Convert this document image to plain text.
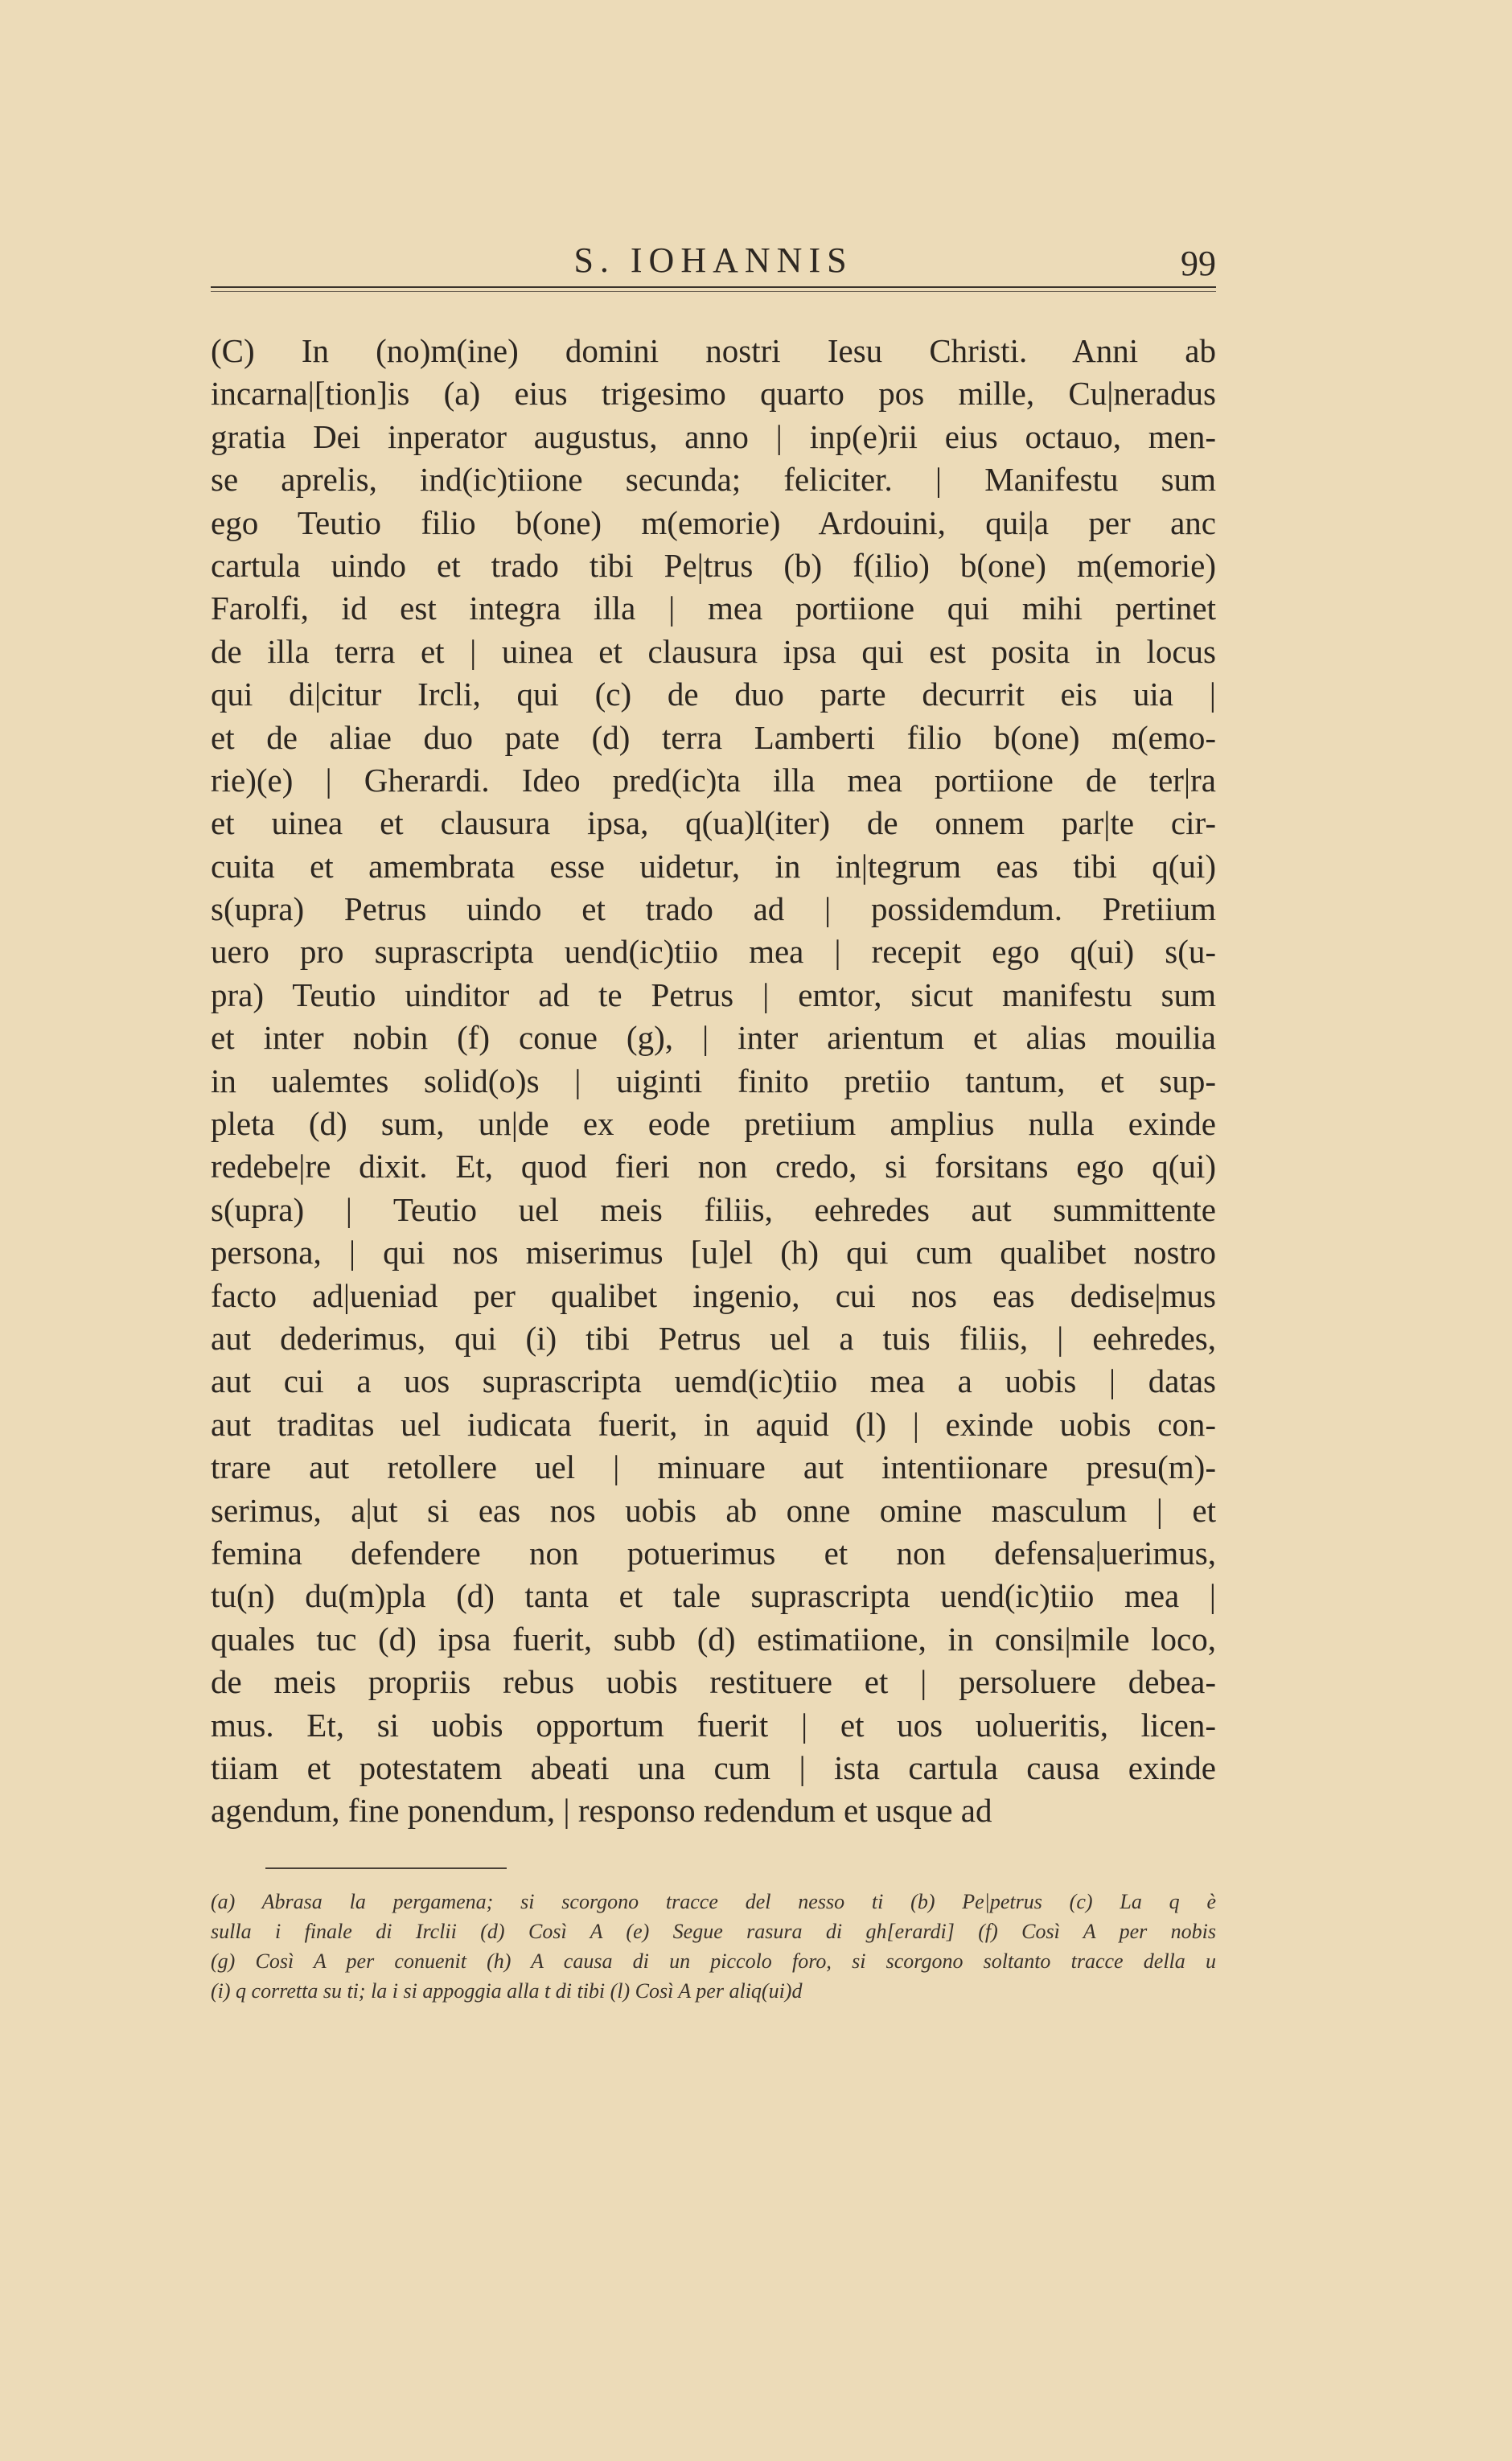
S. IOHANNIS	99
(C) In (no)m(ine) domini nostri Iesu Christi. Anni ab
incarna|[tion]is (a) eius trigesimo quarto pos mille, Cu|neradus
gratia Dei inperator augustus, anno | inp(e)rii eius octauo, men-
se aprelis, ind(ic)tiione secunda; feliciter. | Manifestu sum
ego Teutio filio b(one) m(emorie) Ardouini, qui|a per anc
cartula uindo et trado tibi Pe|trus (b) f(ilio) b(one) m(emorie)
Farolfi, id est integra illa | mea portiione qui mihi pertinet
de illa terra et | uinea et clausura ipsa qui est posita in locus
qui di|citur Ircli, qui (c) de duo parte decurrit eis uia |
et de aliae duo pate (d) terra Lamberti filio b(one) m(emo-
rie)(e) | Gherardi. Ideo pred(ic)ta illa mea portiione de ter|ra
et uinea et clausura ipsa, q(ua)l(iter) de onnem par|te cir-
cuita et amembrata esse uidetur, in in|tegrum eas tibi q(ui)
s(upra) Petrus uindo et trado ad | possidemdum. Pretiium
uero pro suprascripta uend(ic)tiio mea | recepit ego q(ui) s(u-
pra) Teutio uinditor ad te Petrus | emtor, sicut manifestu sum
et inter nobin (f) conue (g), | inter arientum et alias mouilia
in ualemtes solid(o)s | uiginti finito pretiio tantum, et sup-
pleta (d) sum, un|de ex eode pretiium amplius nulla exinde
redebe|re dixit. Et, quod fieri non credo, si forsitans ego q(ui)
s(upra) | Teutio uel meis filiis, eehredes aut summittente
persona, | qui nos miserimus [u]el (h) qui cum qualibet nostro
facto ad|ueniad per qualibet ingenio, cui nos eas dedise|mus
aut dederimus, qui (i) tibi Petrus uel a tuis filiis, | eehredes,
aut cui a uos suprascripta uemd(ic)tiio mea a uobis | datas
aut traditas uel iudicata fuerit, in aquid (l) | exinde uobis con-
trare aut retollere uel | minuare aut intentiionare presu(m)-
serimus, a|ut si eas nos uobis ab onne omine masculum | et
femina defendere non potuerimus et non defensa|uerimus,
tu(n) du(m)pla (d) tanta et tale suprascripta uend(ic)tiio mea |
quales tuc (d) ipsa fuerit, subb (d) estimatiione, in consi|mile loco,
de meis propriis rebus uobis restituere et | persoluere debea-
mus. Et, si uobis opportum fuerit | et uos uolueritis, licen-
tiiam et potestatem abeati una cum | ista cartula causa exinde
agendum, fine ponendum, | responso redendum et usque ad
(a) Abrasa la pergamena; si scorgono tracce del nesso ti (b) Pe|petrus (c) La q è
sulla i finale di Irclii (d) Così A (e) Segue rasura di gh[erardi] (f) Così A per nobis
(g) Così A per conuenit (h) A causa di un piccolo foro, si scorgono soltanto tracce della u
(i) q corretta su ti; la i si appoggia alla t di tibi (l) Così A per aliq(ui)d
